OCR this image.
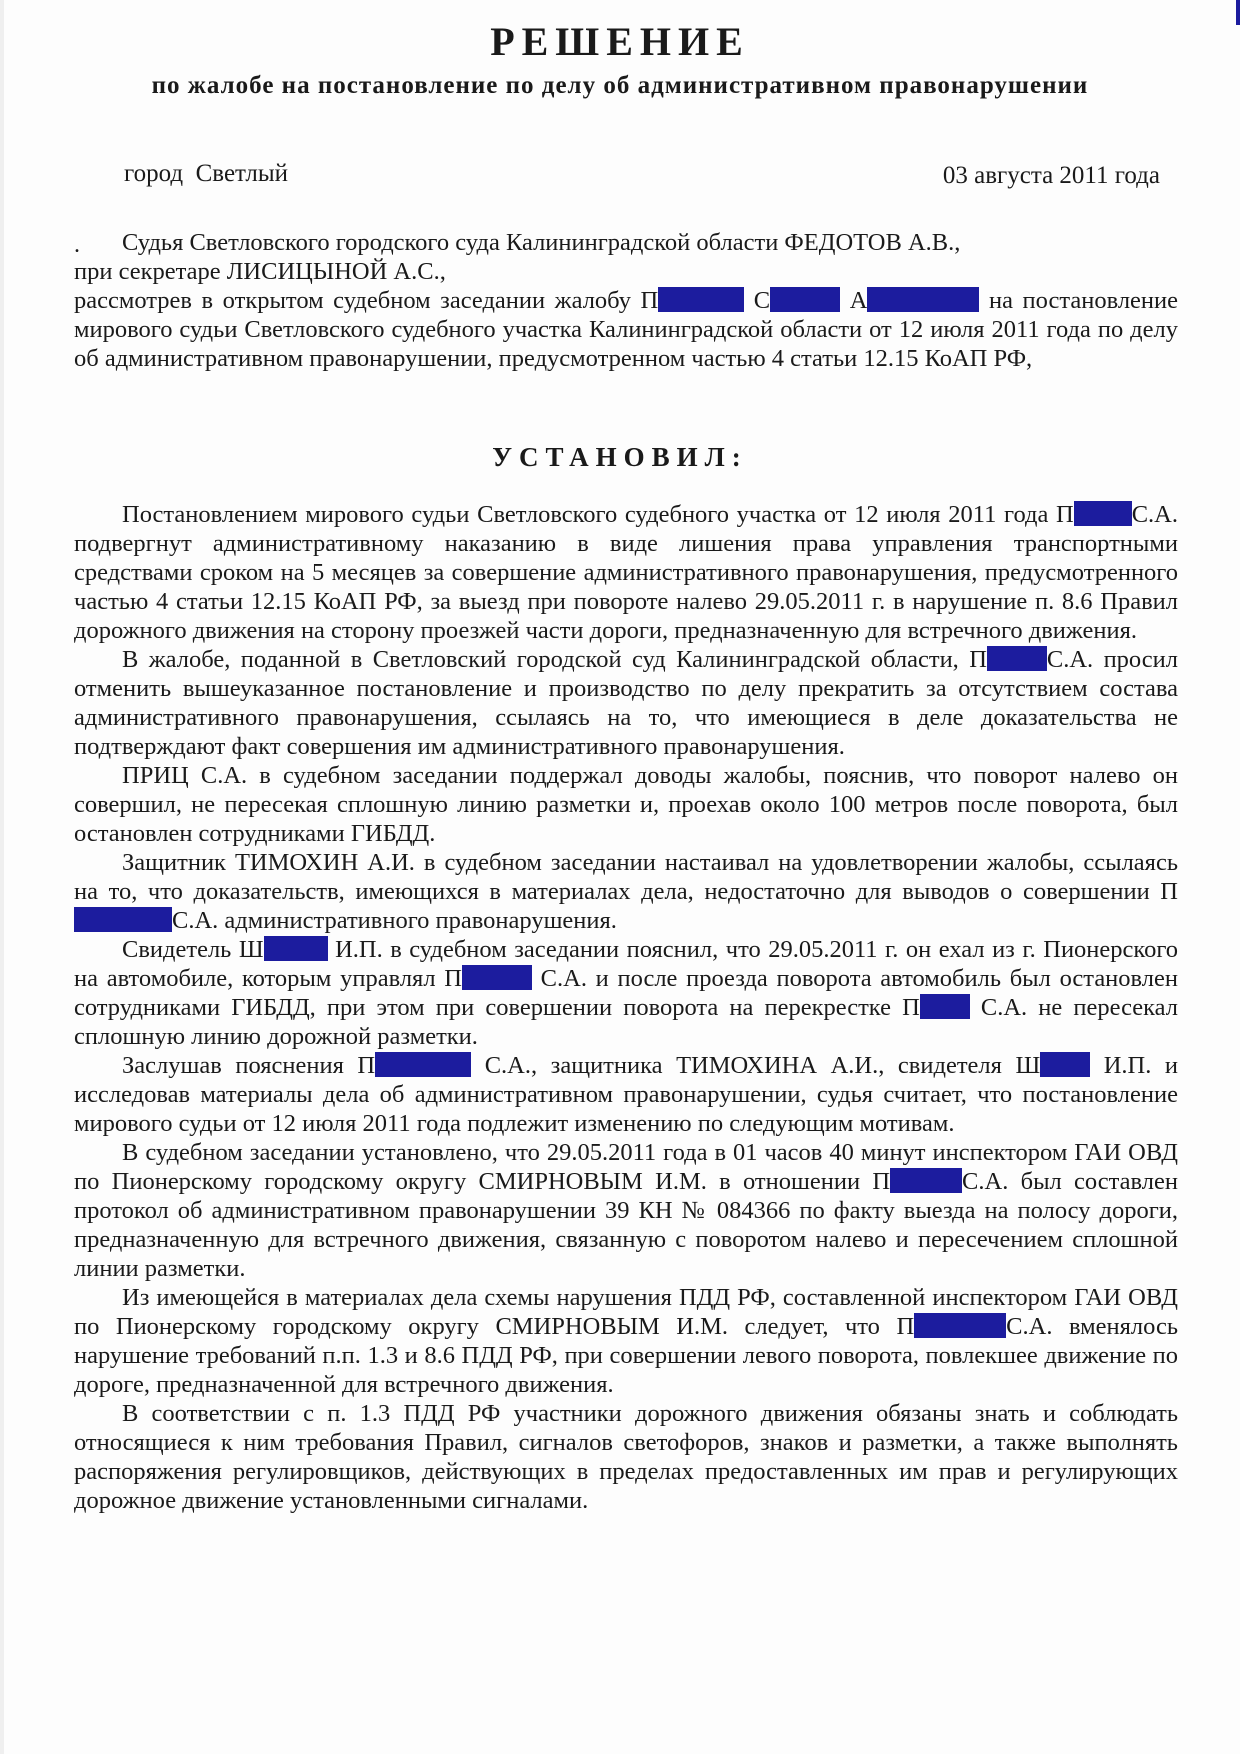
РЕШЕНИЕ
по жалобе на постановление по делу об административном правонарушении
город  Светлый	03 августа 2011 года
.	Судья Светловского городского суда Калининградской области ФЕДОТОВ А.В.,

при секретаре ЛИСИЦЫНОЙ А.С.,

рассмотрев в открытом судебном заседании жалобу П	С	А	на постановление мирового судьи Светловского судебного участка Калининградской области от 12 июля 2011 года по делу об административном правонарушении, предусмотренном частью 4 статьи 12.15 КоАП РФ,

УСТАНОВИЛ:

Постановлением мирового судьи Светловского судебного участка от 12 июля 2011 года П С.А. подвергнут административному наказанию в виде лишения права управления транспортными средствами сроком на 5 месяцев за совершение административного правонарушения, предусмотренного частью 4 статьи 12.15 КоАП РФ, за выезд при повороте налево 29.05.2011 г. в нарушение п. 8.6 Правил дорожного движения на сторону проезжей части дороги, предназначенную для встречного движения.

В жалобе, поданной в Светловский городской суд Калининградской области, П С.А. просил отменить вышеуказанное постановление и производство по делу прекратить за отсутствием состава административного правонарушения, ссылаясь на то, что имеющиеся в деле доказательства не подтверждают факт совершения им административного правонарушения.

ПРИЦ С.А. в судебном заседании поддержал доводы жалобы, пояснив, что поворот налево он совершил, не пересекая сплошную линию разметки и, проехав около 100 метров после поворота, был остановлен сотрудниками ГИБДД.

Защитник ТИМОХИН А.И. в судебном заседании настаивал на удовлетворении жалобы, ссылаясь на то, что доказательств, имеющихся в материалах дела, недостаточно для выводов о совершении ПС.А. административного правонарушения.

Свидетель Ш	И.П. в судебном заседании пояснил, что 29.05.2011 г. он ехал из г. Пионерского на автомобиле, которым управлял П	С.А. и после проезда поворота автомобиль был остановлен сотрудниками ГИБДД, при этом при совершении поворота на перекрестке П С.А. не пересекал сплошную линию дорожной разметки.

Заслушав пояснения П	С.А., защитника ТИМОХИНА А.И., свидетеля Ш	И.П. и исследовав материалы дела об административном правонарушении, судья считает, что постановление мирового судьи от 12 июля 2011 года подлежит изменению по следующим мотивам.

В судебном заседании установлено, что 29.05.2011 года в 01 часов 40 минут инспектором ГАИ ОВД по Пионерскому городскому округу СМИРНОВЫМ И.М. в отношении П	С.А. был составлен протокол об административном правонарушении 39 КН № 084366 по факту выезда на полосу дороги, предназначенную для встречного движения, связанную с поворотом налево и пересечением сплошной линии разметки.

Из имеющейся в материалах дела схемы нарушения ПДД РФ, составленной инспектором ГАИ ОВД по Пионерскому городскому округу СМИРНОВЫМ И.М. следует, что П	С.А. вменялось нарушение требований п.п. 1.3 и 8.6 ПДД РФ, при совершении левого поворота, повлекшее движение по дороге, предназначенной для встречного движения.

В соответствии с п. 1.3 ПДД РФ участники дорожного движения обязаны знать и соблюдать относящиеся к ним требования Правил, сигналов светофоров, знаков и разметки, а также выполнять распоряжения регулировщиков, действующих в пределах предоставленных им прав и регулирующих дорожное движение установленными сигналами.
